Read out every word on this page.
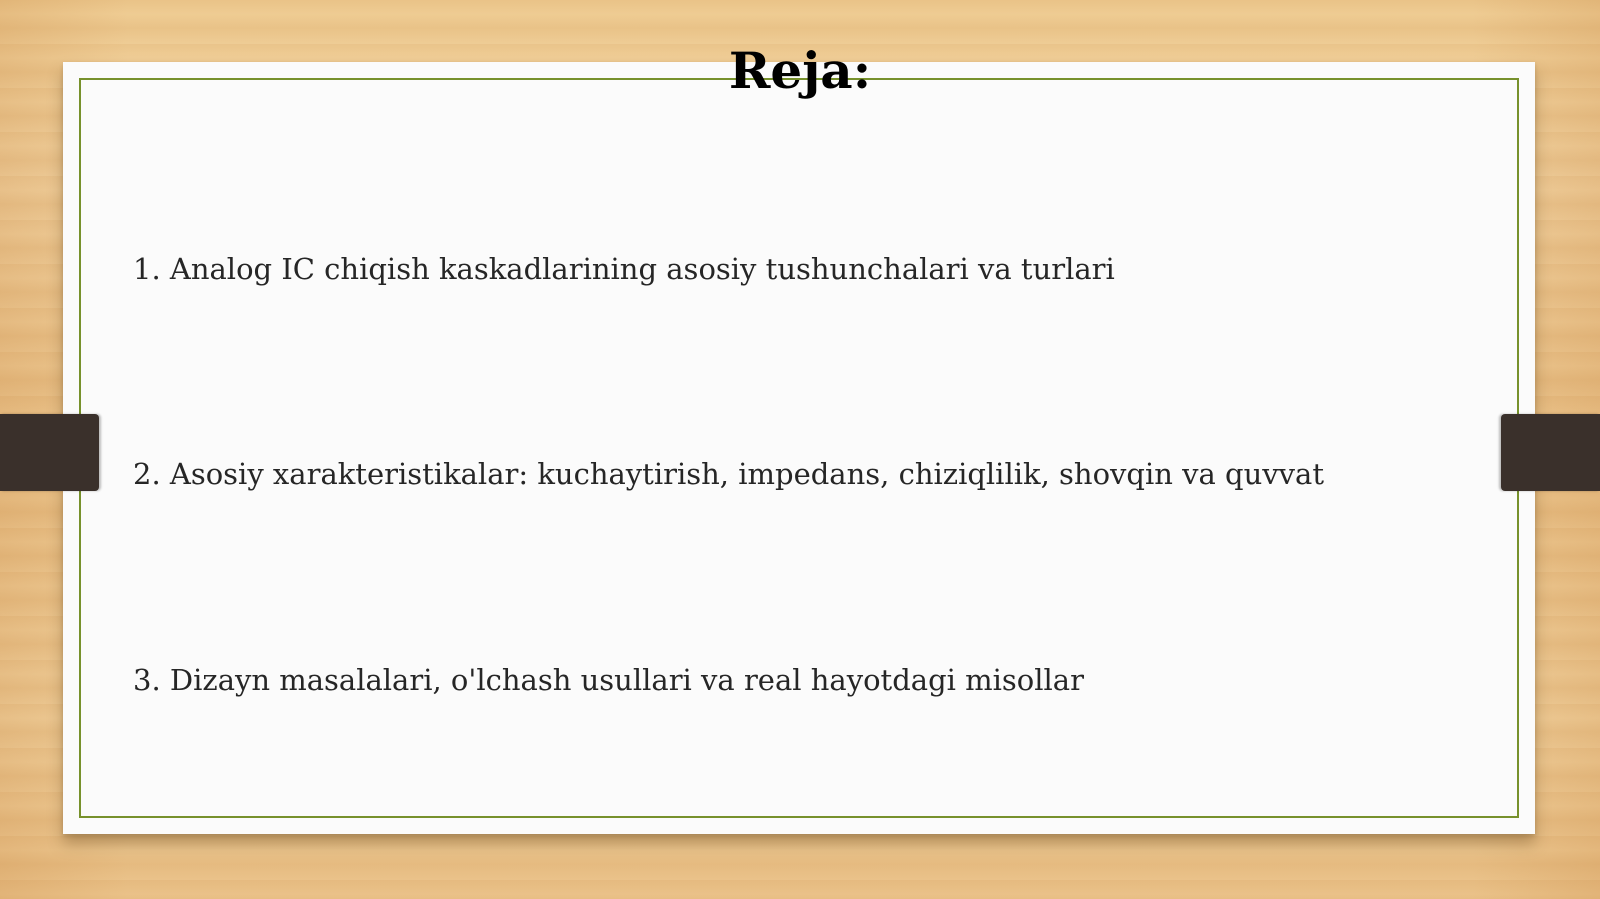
Reja:
1. Analog IC chiqish kaskadlarining asosiy tushunchalari va turlari
2. Asosiy xarakteristikalar: kuchaytirish, impedans, chiziqlilik, shovqin va quvvat
3. Dizayn masalalari, o'lchash usullari va real hayotdagi misollar
